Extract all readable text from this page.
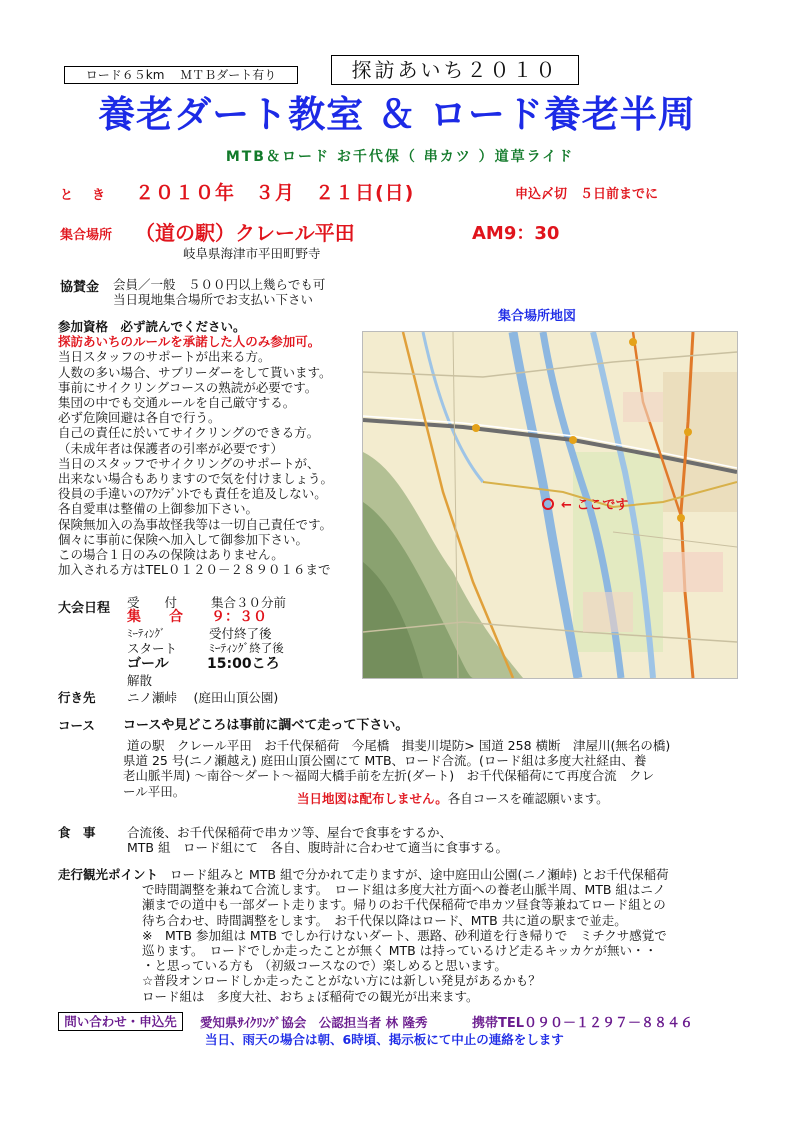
ロード６５km　 ＭＴＢダート有り	探訪あいち２０１０
養老ダート教室 ＆ ロード養老半周
MTB＆ロード お千代保（ 串カツ ）道草ライド
と　き ２０１０年　３月　２１日(日)	申込〆切　５日前までに
集合場所 （道の駅）クレール平田	AM9：30
岐阜県海津市平田町野寺
協賛金 会員／一般　５００円以上幾らでも可
当日現地集合場所でお支払い下さい
集合場所地図
参加資格　 必ず読んでください。
探訪あいちのルールを承諾した人のみ参加可。
当日スタッフのサポートが出来る方。
人数の多い場合、サブリーダーをして貰います。
事前にサイクリングコースの熟読が必要です。
集団の中でも交通ルールを自己厳守する。
必ず危険回避は各自で行う。
自己の責任に於いてサイクリングのできる方。
（未成年者は保護者の引率が必要です）
当日のスタッフでサイクリングのサポートが、
出来ない場合もありますので気を付けましょう。
役員の手違いのｱｸｼﾃﾞﾝﾄでも責任を追及しない。
各自愛車は整備の上御参加下さい。
保険無加入の為事故怪我等は一切自己責任です。
個々に事前に保険へ加入して御参加下さい。
この場合１日のみの保険はありません。
加入される方はTEL０１２０－２８９０１６まで
← ここです
大会日程 受　　付	集合３０分前
集　　合 ９：３０
ﾐｰﾃｨﾝｸﾞ	受付終了後
スタート	ﾐｰﾃｨﾝｸﾞ終了後
ゴール	15:00ころ
解散
行き先	ニノ瀬峠　 (庭田山頂公園)
コース コースや見どころは事前に調べて走って下さい。
道の駅　クレール平田　お千代保稲荷　今尾橋　揖斐川堤防> 国道 258 横断　津屋川(無名の橋)
県道 25 号(ニノ瀬越え) 庭田山頂公園にて MTB、ロード合流。(ロード組は多度大社経由、養
老山脈半周) ～南谷～ダート～福岡大橋手前を左折(ダート)　お千代保稲荷にて再度合流　クレ
ール平田。	当日地図は配布しません。各自コースを確認願います。
食　事	合流後、お千代保稲荷で串カツ等、屋台で食事をするか、
MTB 組　ロード組にて　各自、腹時計に合わせて適当に食事する。
走行観光ポイント ロード組みと MTB 組で分かれて走りますが、途中庭田山公園(ニノ瀬峠) とお千代保稲荷
で時間調整を兼ねて合流します。　ロード組は多度大社方面への養老山脈半周、MTB 組はニノ
瀬までの道中も一部ダート走ります。帰りのお千代保稲荷で串カツ昼食等兼ねてロード組との
待ち合わせ、時間調整をします。　お千代保以降はロード、MTB 共に道の駅まで並走。
※　MTB 参加組は MTB でしか行けないダート、悪路、砂利道を行き帰りで　ミチクサ感覚で
巡ります。　ロードでしか走ったことが無く MTB は持っているけど走るキッカケが無い・・
・と思っている方も （初級コースなので）楽しめると思います。
☆普段オンロードしか走ったことがない方には新しい発見があるかも？
ロード組は　多度大社、おちょぼ稲荷での観光が出来ます。
問い合わせ・申込先	愛知県ｻｲｸﾘﾝｸﾞ協会　公認担当者 林 隆秀	携帯TEL０９０－１２９７－８８４６
当日、雨天の場合は朝、6時頃、掲示板にて中止の連絡をします
